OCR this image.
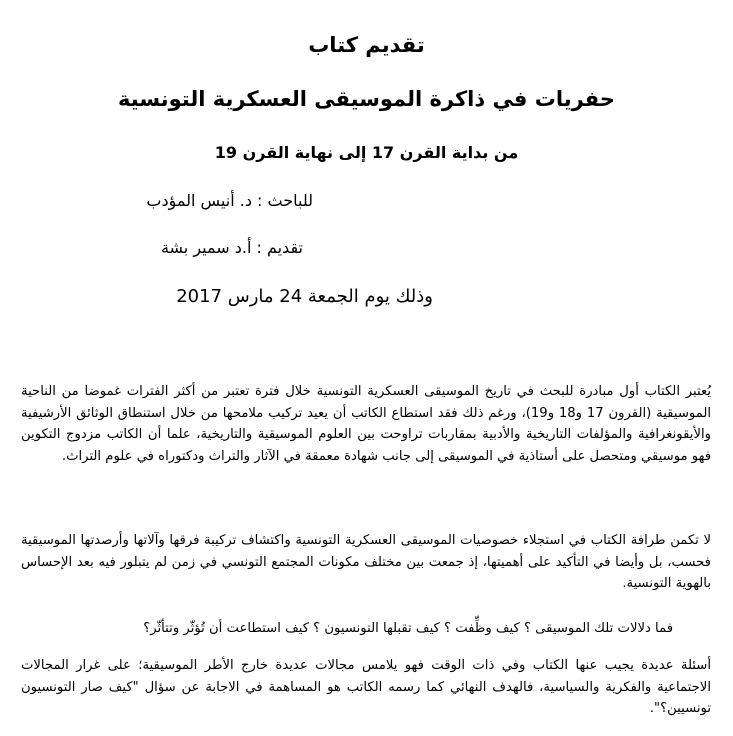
تقديم كتاب
حفريات في ذاكرة الموسيقى العسكرية التونسية
من بداية القرن 17 إلى نهاية القرن 19
للباحث : د. أنيس المؤدب
تقديم : أ.د سمير بشة
وذلك يوم الجمعة 24 مارس 2017

يُعتبر الكتاب أول مبادرة للبحث في تاريخ الموسيقى العسكرية التونسية خلال فترة تعتبر من أكثر الفترات غموضا من الناحية الموسيقية (القرون 17 و18 و19)، ورغم ذلك فقد استطاع الكاتب أن يعيد تركيب ملامحها من خلال استنطاق الوثائق الأرشيفية والأيقونغرافية والمؤلفات التاريخية والأدبية بمقاربات تراوحت بين العلوم الموسيقية والتاريخية، علما أن الكاتب مزدوج التكوين فهو موسيقي ومتحصل على أستاذية في الموسيقى إلى جانب شهادة معمقة في الآثار والتراث ودكتوراه في علوم التراث.

لا تكمن طرافة الكتاب في استجلاء خصوصيات الموسيقى العسكرية التونسية واكتشاف تركيبة فرقها وآلاتها وأرصدتها الموسيقية فحسب، بل وأيضا في التأكيد على أهميتها، إذ جمعت بين مختلف مكونات المجتمع التونسي في زمن لم يتبلور فيه بعد الإحساس بالهوية التونسية.

فما دلالات تلك الموسيقى ؟ كيف وظِّفت ؟ كيف تقبلها التونسيون ؟ كيف استطاعت أن تُؤثّر وتتأثّر؟

أسئلة عديدة يجيب عنها الكتاب وفي ذات الوقت فهو يلامس مجالات عديدة خارج الأطر الموسيقية؛ على غرار المجالات الاجتماعية والفكرية والسياسية، فالهدف النهائي كما رسمه الكاتب هو المساهمة في الاجابة عن سؤال "كيف صار التونسيون تونسيين؟".
